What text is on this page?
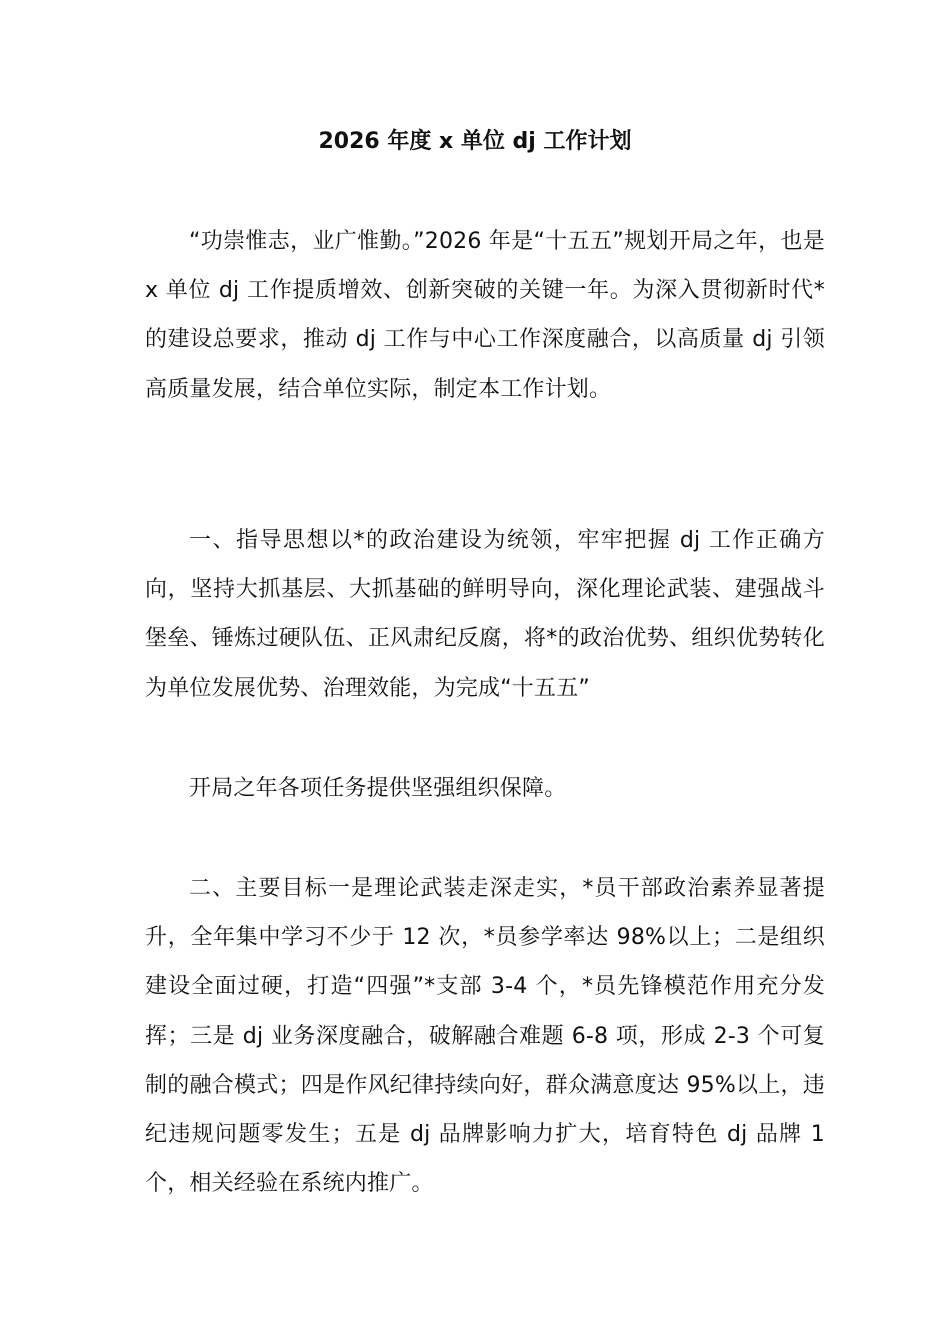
2026 年度 x 单位 dj 工作计划

“功崇惟志，业广惟勤。”2026 年是“十五五”规划开局之年，也是 x 单位 dj 工作提质增效、创新突破的关键一年。为深入贯彻新时代*的建设总要求，推动 dj 工作与中心工作深度融合，以高质量 dj 引领高质量发展，结合单位实际，制定本工作计划。

一、指导思想以*的政治建设为统领，牢牢把握 dj 工作正确方向，坚持大抓基层、大抓基础的鲜明导向，深化理论武装、建强战斗堡垒、锤炼过硬队伍、正风肃纪反腐，将*的政治优势、组织优势转化为单位发展优势、治理效能，为完成“十五五”

开局之年各项任务提供坚强组织保障。

二、主要目标一是理论武装走深走实，*员干部政治素养显著提升，全年集中学习不少于 12 次，*员参学率达 98%以上；二是组织建设全面过硬，打造“四强”*支部 3-4 个，*员先锋模范作用充分发挥；三是 dj 业务深度融合，破解融合难题 6-8 项，形成 2-3 个可复制的融合模式；四是作风纪律持续向好，群众满意度达 95%以上，违纪违规问题零发生；五是 dj 品牌影响力扩大，培育特色 dj 品牌 1 个，相关经验在系统内推广。
